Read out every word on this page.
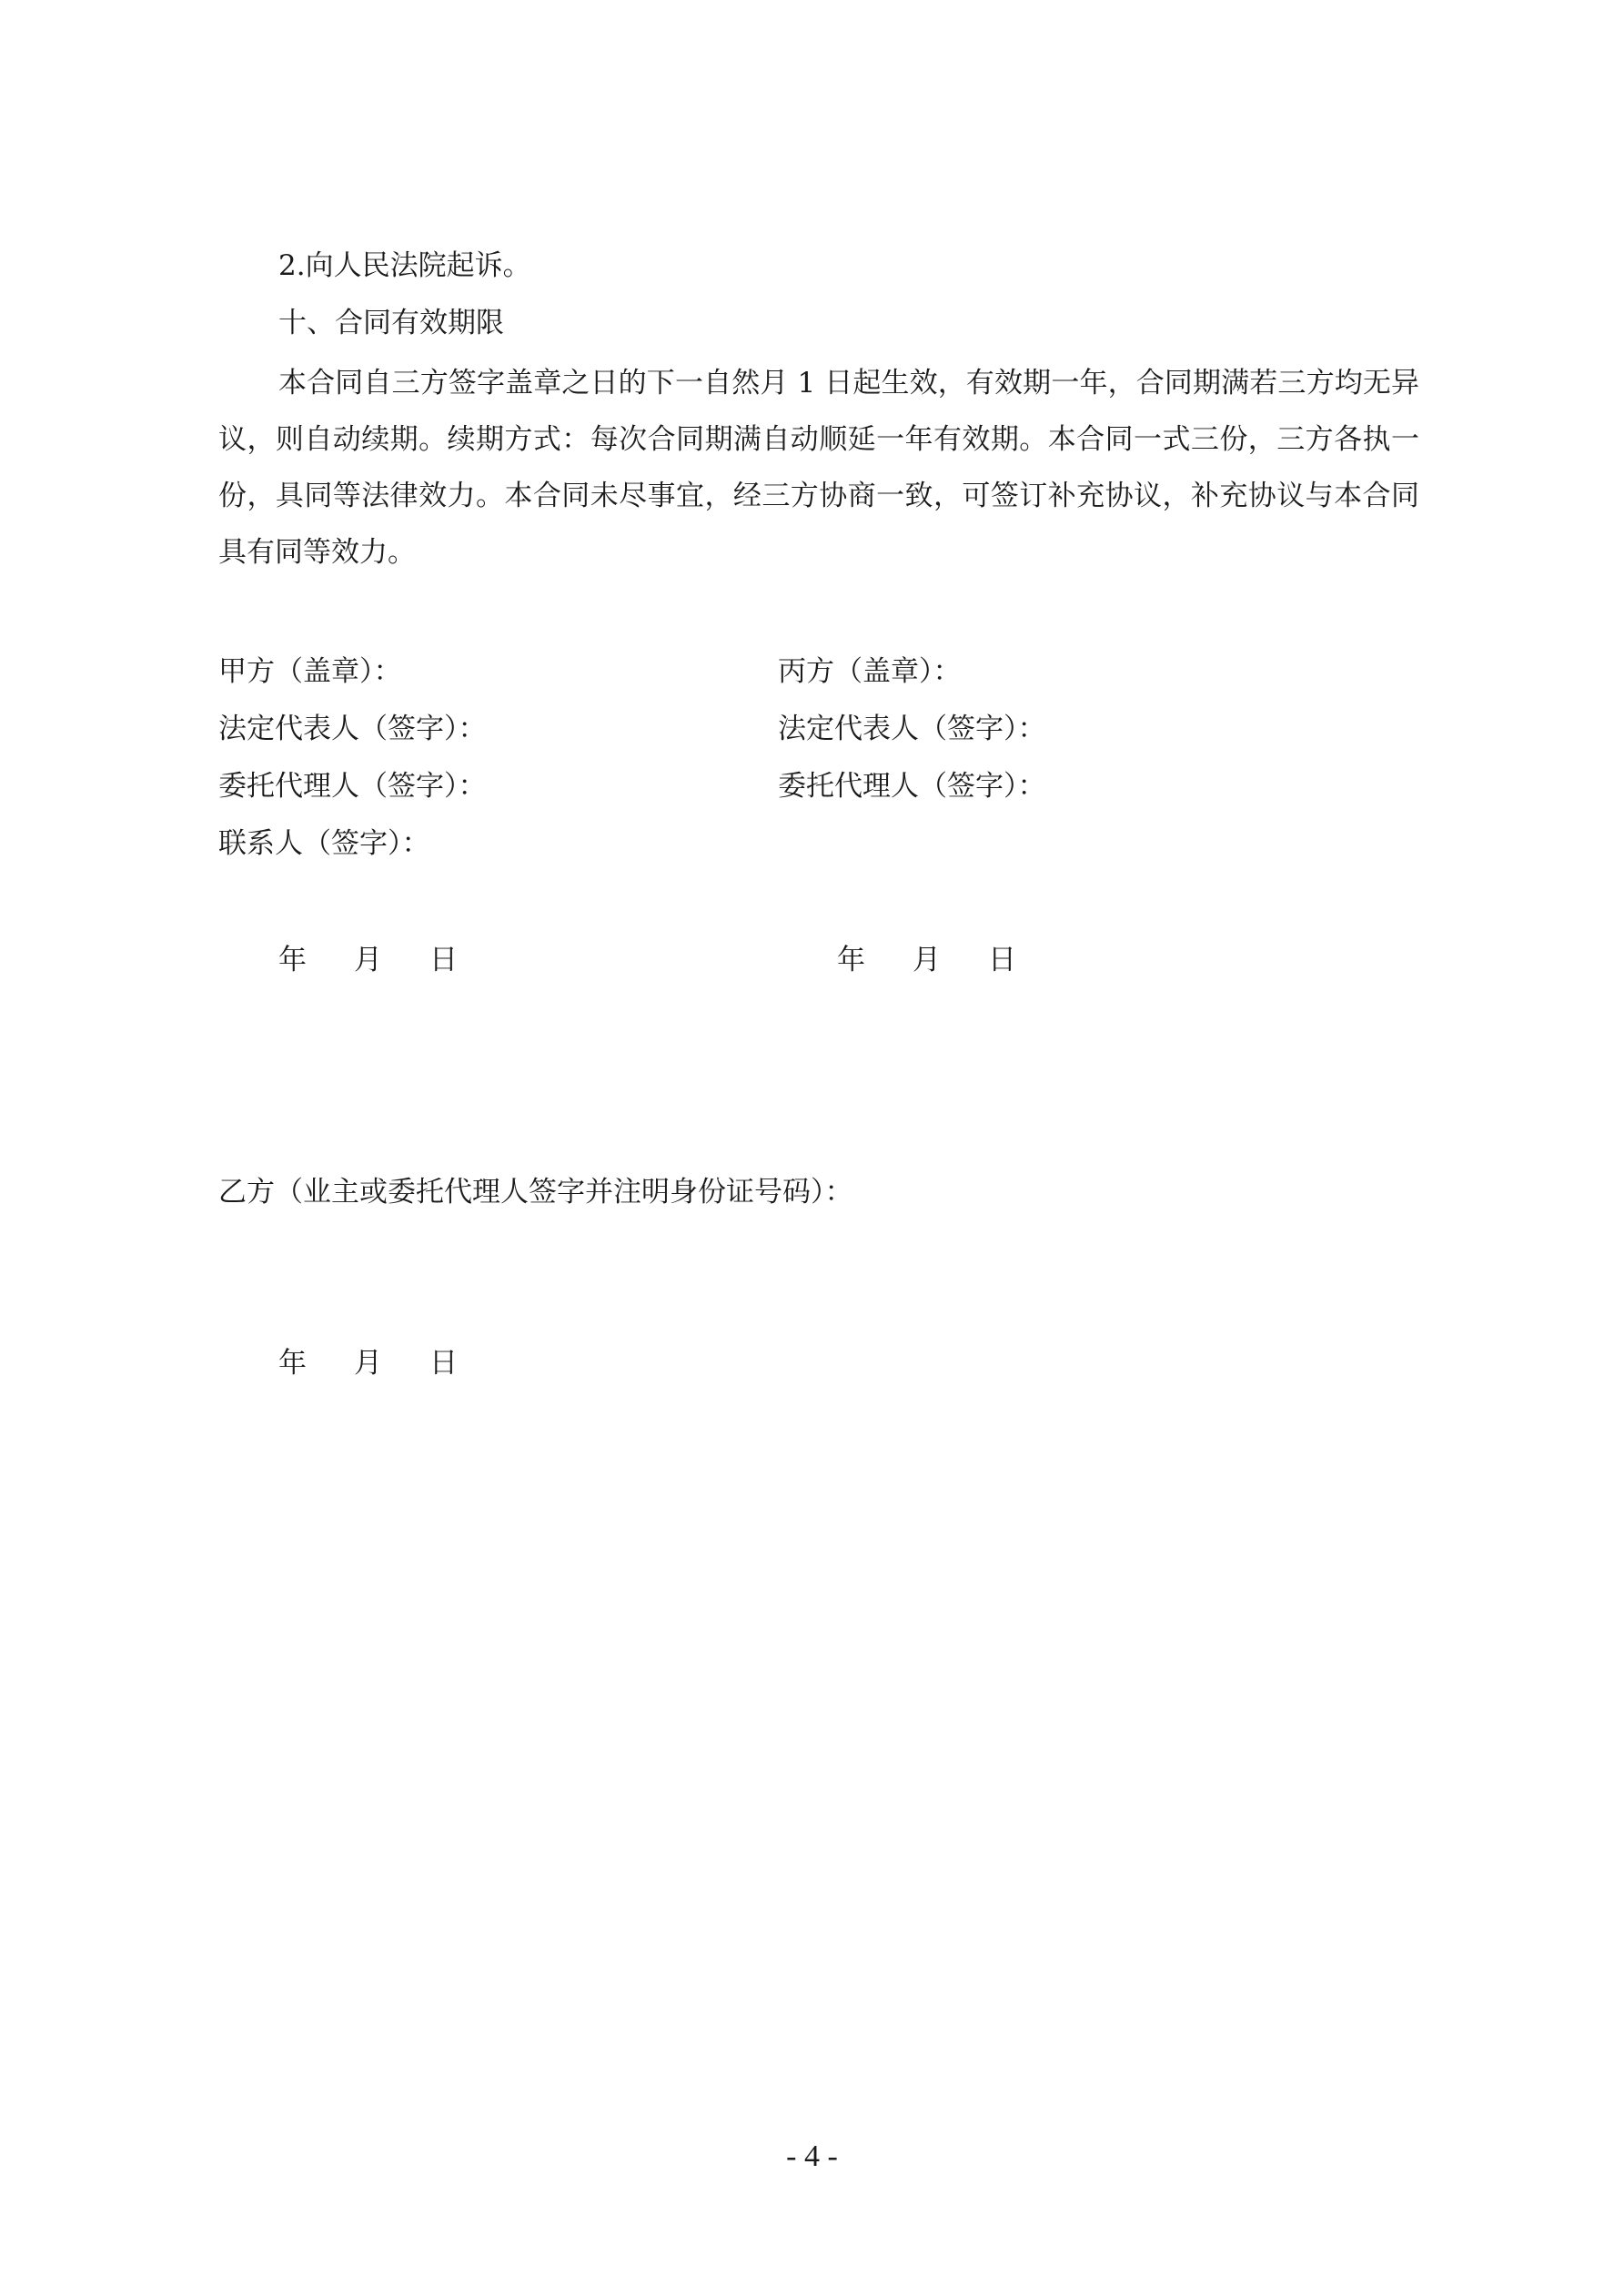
2.向人民法院起诉。
十、合同有效期限
本合同自三方签字盖章之日的下一自然月 1 日起生效，有效期一年，合同期满若三方均无异议，则自动续期。续期方式：每次合同期满自动顺延一年有效期。本合同一式三份，三方各执一份，具同等法律效力。本合同未尽事宜，经三方协商一致，可签订补充协议，补充协议与本合同具有同等效力。
甲方（盖章）：
法定代表人（签字）：
委托代理人（签字）：
联系人（签字）：
丙方（盖章）：
法定代表人（签字）：
委托代理人（签字）：
年 月 日	年 月 日
乙方（业主或委托代理人签字并注明身份证号码）：
年 月 日
- 4 -
